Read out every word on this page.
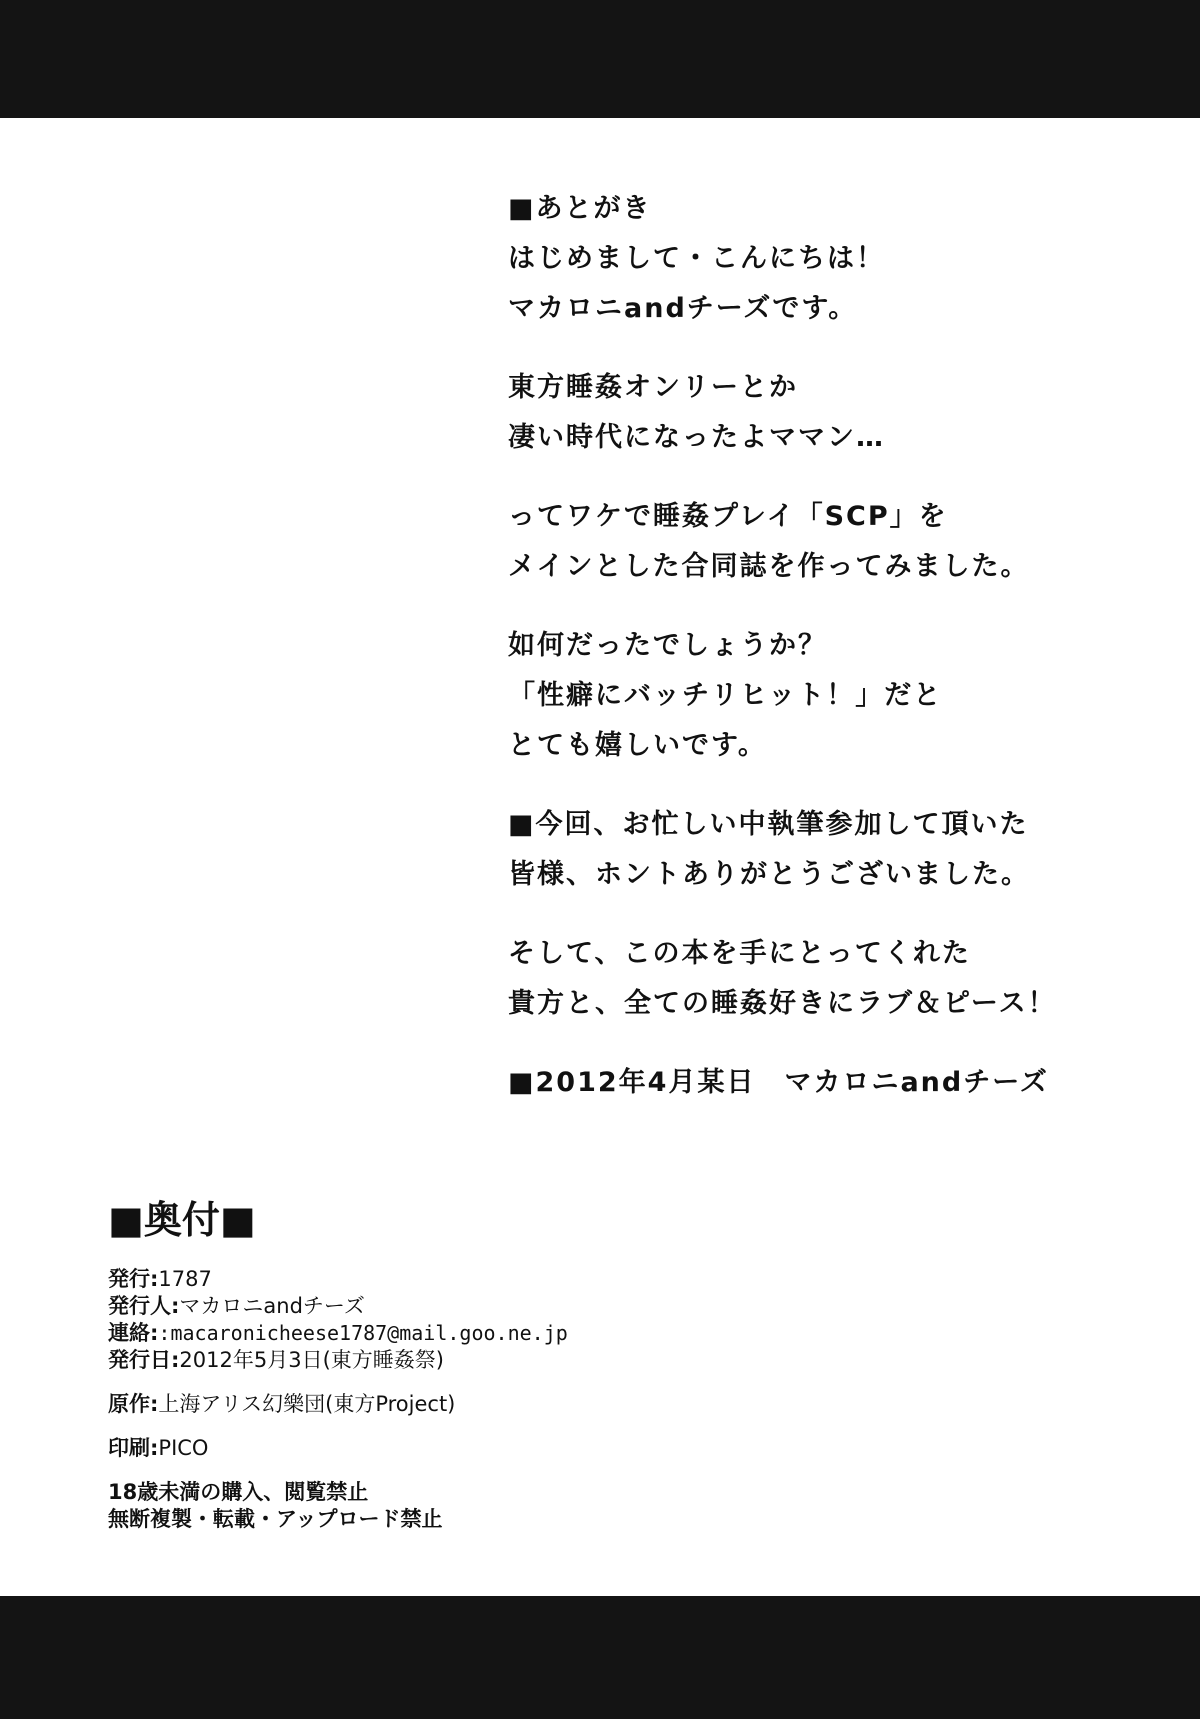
■あとがき
はじめまして・こんにちは！
マカロニandチーズです。
東方睡姦オンリーとか
凄い時代になったよママン…
ってワケで睡姦プレイ「SCP」を
メインとした合同誌を作ってみました。
如何だったでしょうか？
「性癖にバッチリヒット！」だと
とても嬉しいです。
■今回、お忙しい中執筆参加して頂いた
皆様、ホントありがとうございました。
そして、この本を手にとってくれた
貴方と、全ての睡姦好きにラブ＆ピース！
■2012年4月某日　マカロニandチーズ
■奥付■
発行:1787
発行人:マカロニandチーズ
連絡::macaronicheese1787@mail.goo.ne.jp
発行日:2012年5月3日(東方睡姦祭)
原作:上海アリス幻樂団(東方Project)
印刷:PICO
18歳未満の購入、閲覧禁止
無断複製・転載・アップロード禁止
